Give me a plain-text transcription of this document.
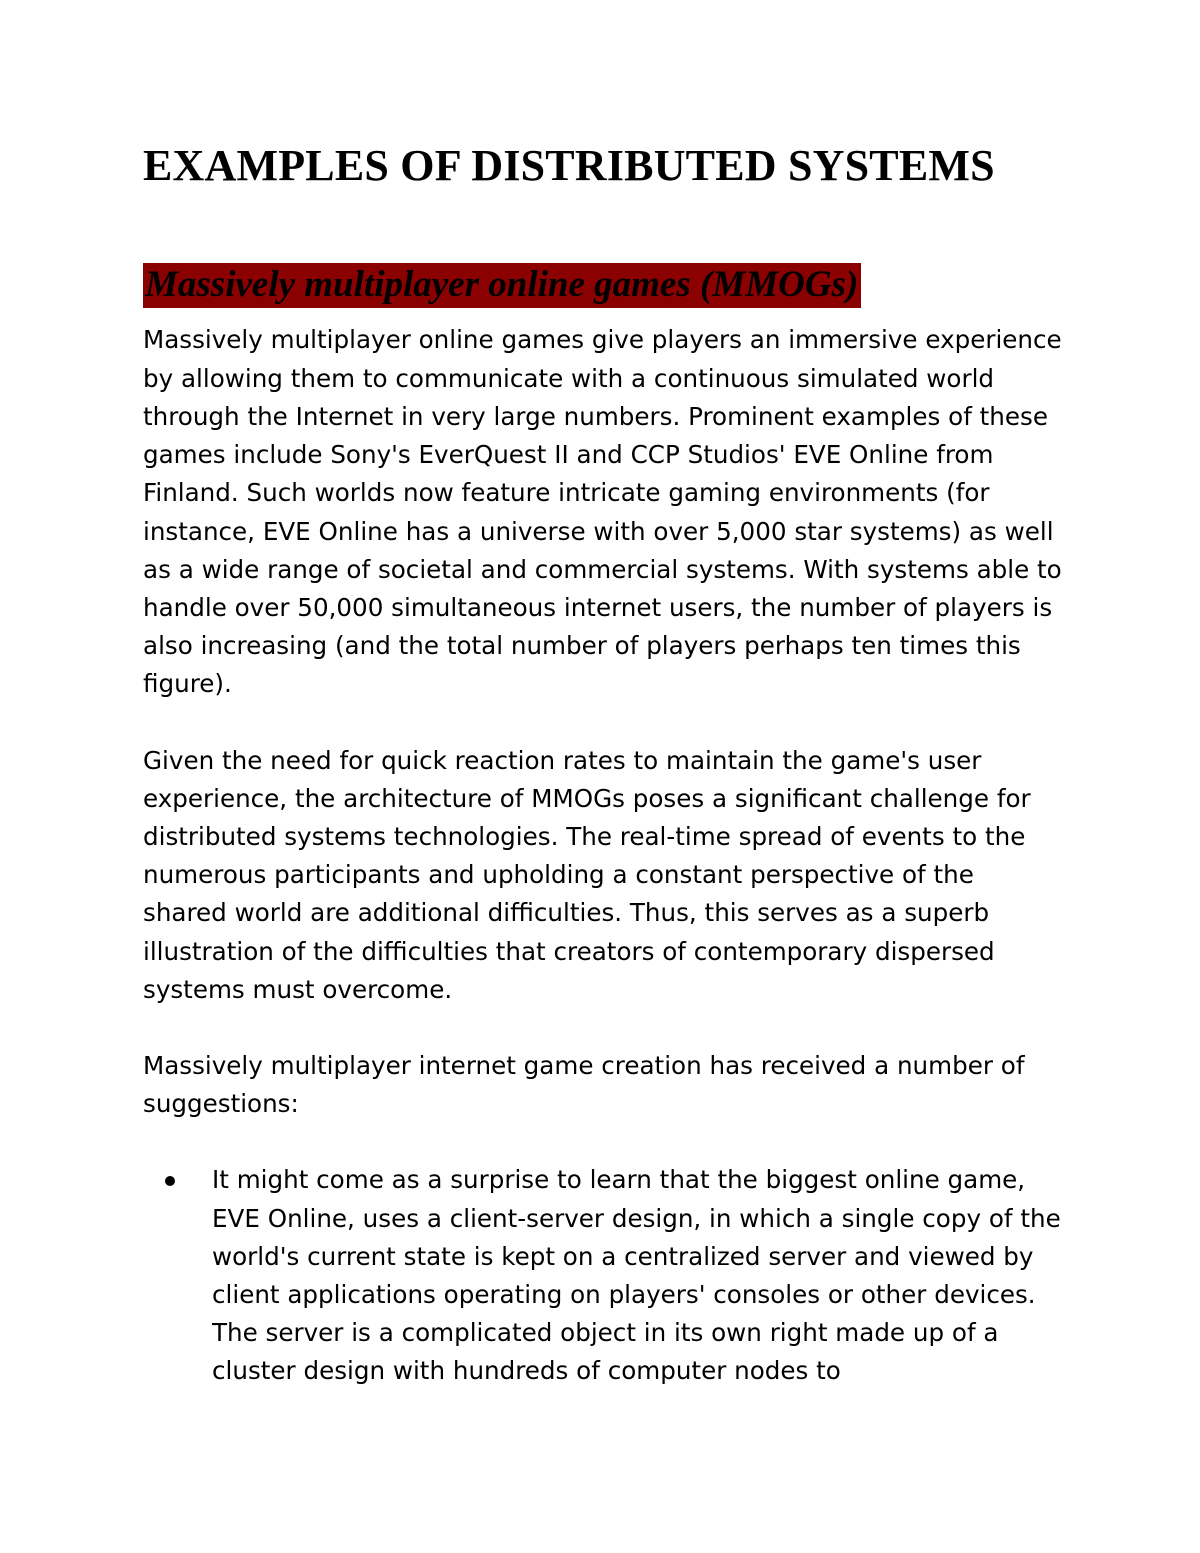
EXAMPLES OF DISTRIBUTED SYSTEMS
Massively multiplayer online games (MMOGs)

Massively multiplayer online games give players an immersive experience by allowing them to communicate with a continuous simulated world through the Internet in very large numbers. Prominent examples of these games include Sony's EverQuest II and CCP Studios' EVE Online from Finland. Such worlds now feature intricate gaming environments (for instance, EVE Online has a universe with over 5,000 star systems) as well as a wide range of societal and commercial systems. With systems able to handle over 50,000 simultaneous internet users, the number of players is also increasing (and the total number of players perhaps ten times this figure).

Given the need for quick reaction rates to maintain the game's user experience, the architecture of MMOGs poses a significant challenge for distributed systems technologies. The real-time spread of events to the numerous participants and upholding a constant perspective of the shared world are additional difficulties. Thus, this serves as a superb illustration of the difficulties that creators of contemporary dispersed systems must overcome.

Massively multiplayer internet game creation has received a number of suggestions:

It might come as a surprise to learn that the biggest online game, EVE Online, uses a client-server design, in which a single copy of the world's current state is kept on a centralized server and viewed by client applications operating on players' consoles or other devices. The server is a complicated object in its own right made up of a cluster design with hundreds of computer nodes to
